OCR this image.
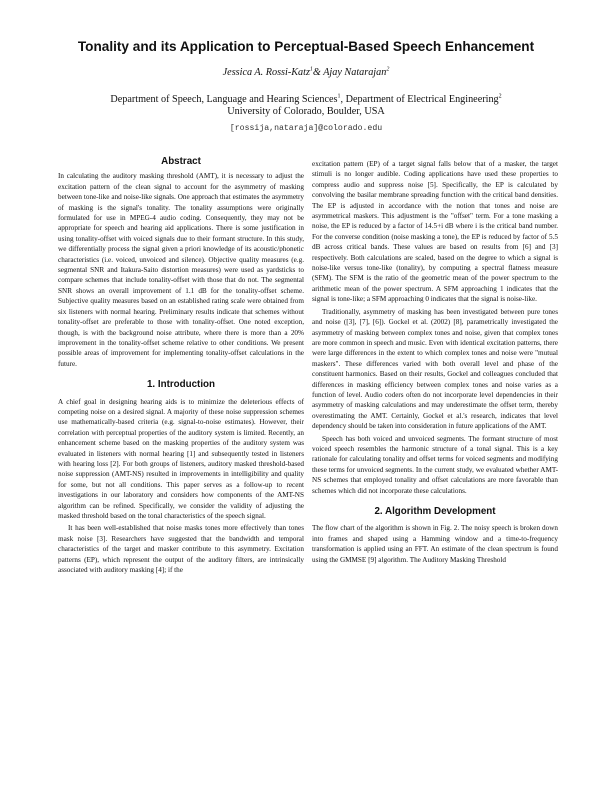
Tonality and its Application to Perceptual-Based Speech Enhancement
Jessica A. Rossi-Katz$^1$& Ajay Natarajan$^2$
Department of Speech, Language and Hearing Sciences$^1$, Department of Electrical Engineering$^2$
University of Colorado, Boulder, USA
[rossija,nataraja]@colorado.edu
Abstract

In calculating the auditory masking threshold (AMT), it is necessary to adjust the excitation pattern of the clean signal to account for the asymmetry of masking between tone-like and noise-like signals. One approach that estimates the asymmetry of masking is the signal's tonality. The tonality assumptions were originally formulated for use in MPEG-4 audio coding. Consequently, they may not be appropriate for speech and hearing aid applications. There is some justification in using tonality-offset with voiced signals due to their formant structure. In this study, we differentially process the signal given a priori knowledge of its acoustic/phonetic characteristics (i.e. voiced, unvoiced and silence). Objective quality measures (e.g. segmental SNR and Itakura-Saito distortion measures) were used as yardsticks to compare schemes that include tonality-offset with those that do not. The segmental SNR shows an overall improvement of 1.1 dB for the tonality-offset scheme. Subjective quality measures based on an established rating scale were obtained from six listeners with normal hearing. Preliminary results indicate that schemes without tonality-offset are preferable to those with tonality-offset. One noted exception, though, is with the background noise attribute, where there is more than a 20% improvement in the tonality-offset scheme relative to other conditions. We present possible areas of improvement for implementing tonality-offset calculations in the future.

1. Introduction

A chief goal in designing hearing aids is to minimize the deleterious effects of competing noise on a desired signal. A majority of these noise suppression schemes use mathematically-based criteria (e.g. signal-to-noise estimates). However, their correlation with perceptual properties of the auditory system is limited. Recently, an enhancement scheme based on the masking properties of the auditory system was evaluated in listeners with normal hearing [1] and subsequently tested in listeners with hearing loss [2]. For both groups of listeners, auditory masked threshold-based noise suppression (AMT-NS) resulted in improvements in intelligibility and quality for some, but not all conditions. This paper serves as a follow-up to recent investigations in our laboratory and considers how components of the AMT-NS algorithm can be refined. Specifically, we consider the validity of adjusting the masked threshold based on the tonal characteristics of the speech signal.

It has been well-established that noise masks tones more effectively than tones mask noise [3]. Researchers have suggested that the bandwidth and temporal characteristics of the target and masker contribute to this asymmetry. Excitation patterns (EP), which represent the output of the auditory filters, are intrinsically associated with auditory masking [4]; if the

excitation pattern (EP) of a target signal falls below that of a masker, the target stimuli is no longer audible. Coding applications have used these properties to compress audio and suppress noise [5]. Specifically, the EP is calculated by convolving the basilar membrane spreading function with the critical band densities. The EP is adjusted in accordance with the notion that tones and noise are asymmetrical maskers. This adjustment is the "offset" term. For a tone masking a noise, the EP is reduced by a factor of 14.5+i dB where i is the critical band number. For the converse condition (noise masking a tone), the EP is reduced by factor of 5.5 dB across critical bands. These values are based on results from [6] and [3] respectively. Both calculations are scaled, based on the degree to which a signal is noise-like versus tone-like (tonality), by computing a spectral flatness measure (SFM). The SFM is the ratio of the geometric mean of the power spectrum to the arithmetic mean of the power spectrum. A SFM approaching 1 indicates that the signal is tone-like; a SFM approaching 0 indicates that the signal is noise-like.

Traditionally, asymmetry of masking has been investigated between pure tones and noise ([3], [7], [6]). Gockel et al. (2002) [8], parametrically investigated the asymmetry of masking between complex tones and noise, given that complex tones are more common in speech and music. Even with identical excitation patterns, there were large differences in the extent to which complex tones and noise were "mutual maskers". These differences varied with both overall level and phase of the constituent harmonics. Based on their results, Gockel and colleagues concluded that differences in masking efficiency between complex tones and noise varies as a function of level. Audio coders often do not incorporate level dependencies in their asymmetry of masking calculations and may underestimate the offset term, thereby overestimating the AMT. Certainly, Gockel et al.'s research, indicates that level dependency should be taken into consideration in future applications of the AMT.

Speech has both voiced and unvoiced segments. The formant structure of most voiced speech resembles the harmonic structure of a tonal signal. This is a key rationale for calculating tonality and offset terms for voiced segments and modifying these terms for unvoiced segments. In the current study, we evaluated whether AMT-NS schemes that employed tonality and offset calculations are more favorable than schemes which did not incorporate these calculations.

2. Algorithm Development

The flow chart of the algorithm is shown in Fig. 2. The noisy speech is broken down into frames and shaped using a Hamming window and a time-to-frequency transformation is applied using an FFT. An estimate of the clean spectrum is found using the GMMSE [9] algorithm. The Auditory Masking Threshold
